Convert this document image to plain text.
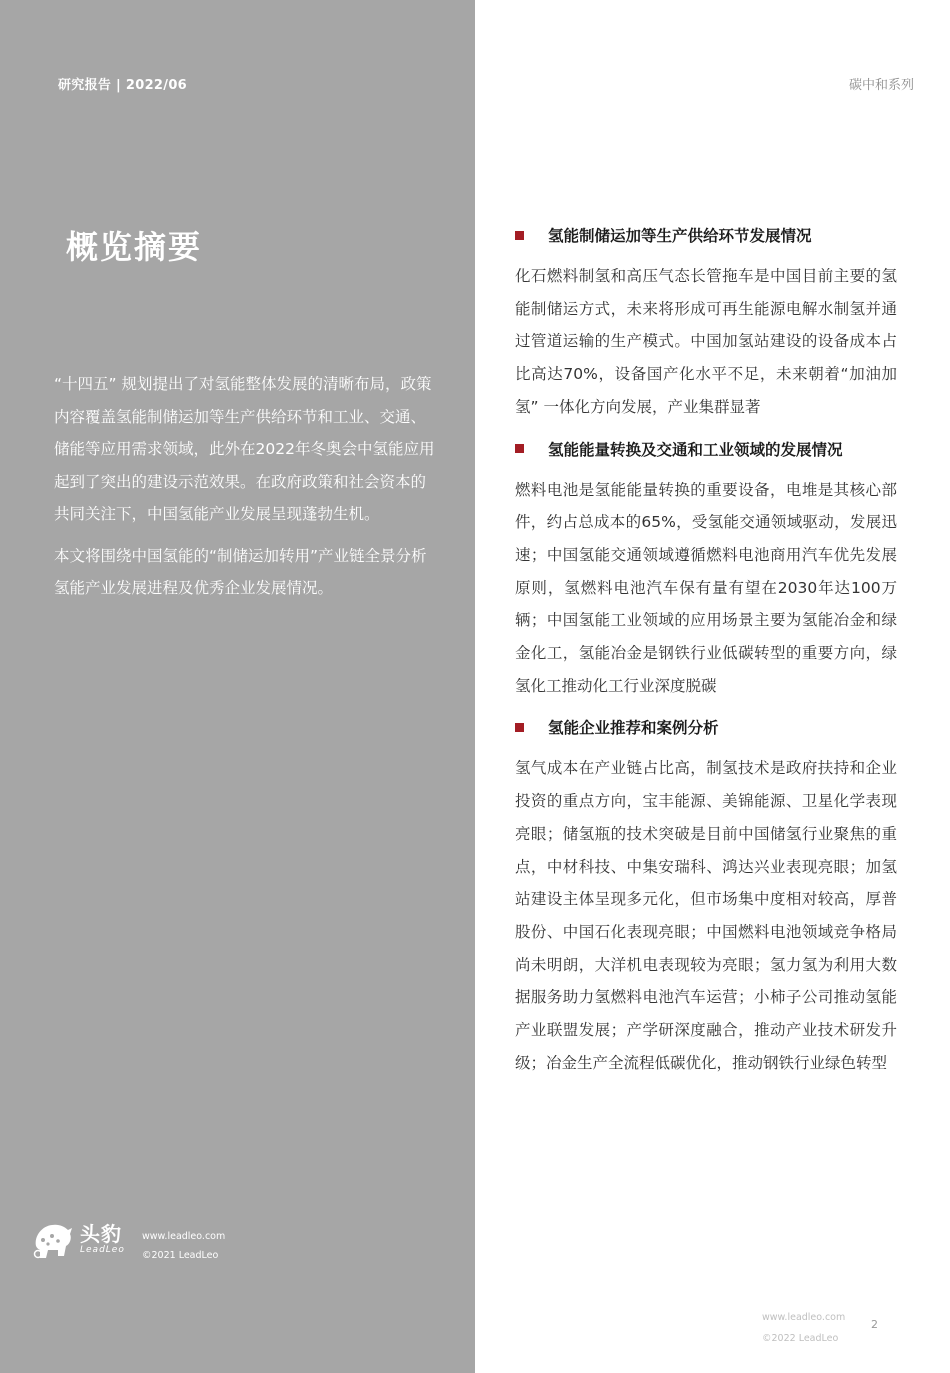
研究报告 | 2022/06	碳中和系列
概览摘要

“十四五” 规划提出了对氢能整体发展的清晰布局，政策内容覆盖氢能制储运加等生产供给环节和工业、交通、储能等应用需求领域，此外在2022年冬奥会中氢能应用起到了突出的建设示范效果。在政府政策和社会资本的共同关注下，中国氢能产业发展呈现蓬勃生机。

本文将围绕中国氢能的“制储运加转用”产业链全景分析氢能产业发展进程及优秀企业发展情况。

头豹
LeadLeo
www.leadleo.com
©2021 LeadLeo
氢能制储运加等生产供给环节发展情况
化石燃料制氢和高压气态长管拖车是中国目前主要的氢能制储运方式，未来将形成可再生能源电解水制氢并通过管道运输的生产模式。中国加氢站建设的设备成本占比高达70%，设备国产化水平不足，未来朝着“加油加氢” 一体化方向发展，产业集群显著
氢能能量转换及交通和工业领域的发展情况
燃料电池是氢能能量转换的重要设备，电堆是其核心部件，约占总成本的65%，受氢能交通领域驱动，发展迅速；中国氢能交通领域遵循燃料电池商用汽车优先发展原则，氢燃料电池汽车保有量有望在2030年达100万辆；中国氢能工业领域的应用场景主要为氢能冶金和绿金化工，氢能冶金是钢铁行业低碳转型的重要方向，绿氢化工推动化工行业深度脱碳
氢能企业推荐和案例分析
氢气成本在产业链占比高，制氢技术是政府扶持和企业投资的重点方向，宝丰能源、美锦能源、卫星化学表现亮眼；储氢瓶的技术突破是目前中国储氢行业聚焦的重点，中材科技、中集安瑞科、鸿达兴业表现亮眼；加氢站建设主体呈现多元化，但市场集中度相对较高，厚普股份、中国石化表现亮眼；中国燃料电池领域竞争格局尚未明朗，大洋机电表现较为亮眼；氢力氢为利用大数据服务助力氢燃料电池汽车运营；小柿子公司推动氢能产业联盟发展；产学研深度融合，推动产业技术研发升级；冶金生产全流程低碳优化，推动钢铁行业绿色转型
www.leadleo.com
©2022 LeadLeo
2
